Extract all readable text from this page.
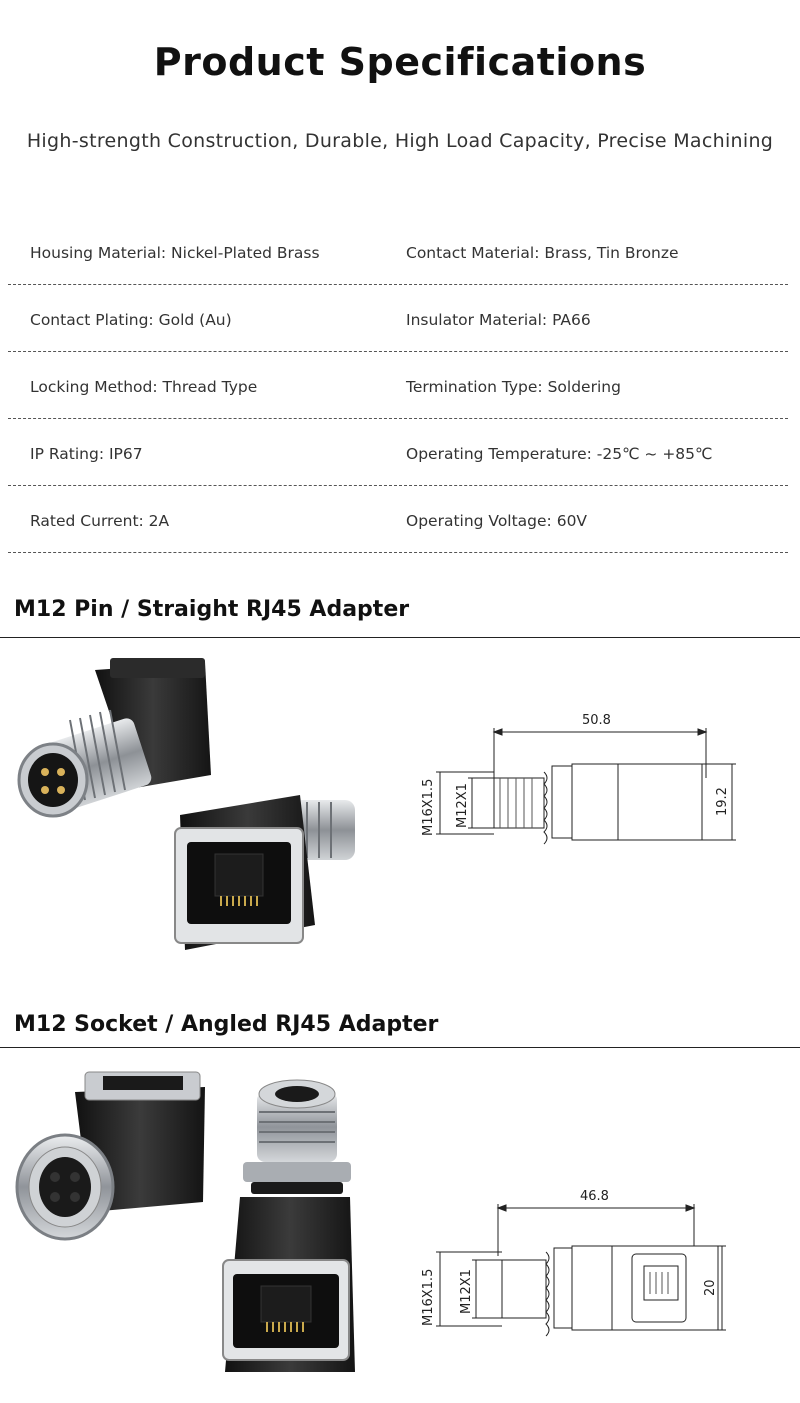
Product Specifications
High-strength Construction, Durable, High Load Capacity, Precise Machining
Housing Material: Nickel-Plated Brass	Contact Material: Brass, Tin Bronze
Contact Plating: Gold (Au)	Insulator Material: PA66
Locking Method: Thread Type	Termination Type: Soldering
IP Rating: IP67	Operating Temperature: -25℃ ~ +85℃
Rated Current: 2A	Operating Voltage: 60V
M12 Pin / Straight RJ45 Adapter
50.8
M16X1.5 M12X1	19.2
M12 Socket / Angled RJ45 Adapter
46.8
M16X1.5 M12X1	20
